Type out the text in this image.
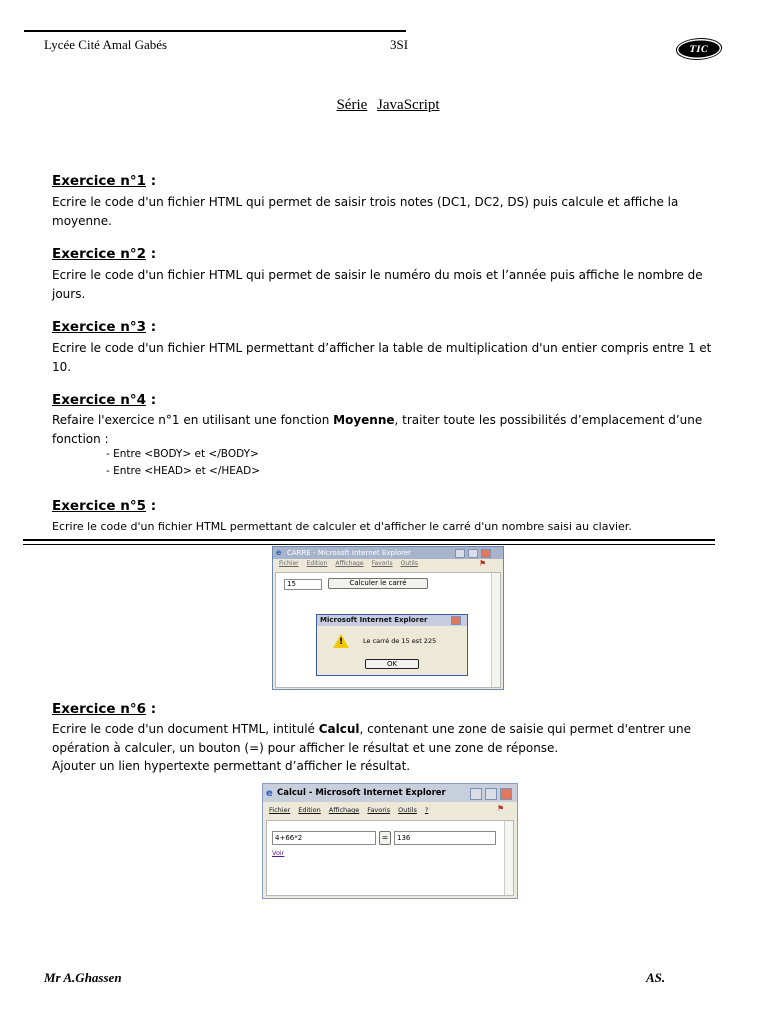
Lycée Cité Amal Gabés	3SI	TIC
Série JavaScript
Exercice n°1 :
Ecrire le code d'un fichier HTML qui permet de saisir trois notes (DC1, DC2, DS) puis calcule et affiche la moyenne.
Exercice n°2 :
Ecrire le code d'un fichier HTML qui permet de saisir le numéro du mois et l’année puis affiche le nombre de jours.
Exercice n°3 :
Ecrire le code d'un fichier HTML permettant d’afficher la table de multiplication d'un entier compris entre 1 et 10.
Exercice n°4 :
Refaire l'exercice n°1 en utilisant une fonction Moyenne, traiter toute les possibilités d’emplacement d’une fonction :
- Entre <BODY> et </BODY>
- Entre <HEAD> et </HEAD>
Exercice n°5 :
Ecrire le code d'un fichier HTML permettant de calculer et d'afficher le carré d'un nombre saisi au clavier.
CARRE - Microsoft Internet Explorer
e
Fichier Edition Affichage Favoris Outils	⚑
15	Calculer le carré
Microsoft Internet Explorer
!
Le carré de 15 est 225
OK
Exercice n°6 :
Ecrire le code d'un document HTML, intitulé Calcul, contenant une zone de saisie qui permet d'entrer une opération à calculer, un bouton (=) pour afficher le résultat et une zone de réponse.
Ajouter un lien hypertexte permettant d’afficher le résultat.
Calcul - Microsoft Internet Explorer
e
Fichier Edition Affichage Favoris Outils ?	⚑
4+66*2	=	136
Voir
Mr A.Ghassen	AS.
